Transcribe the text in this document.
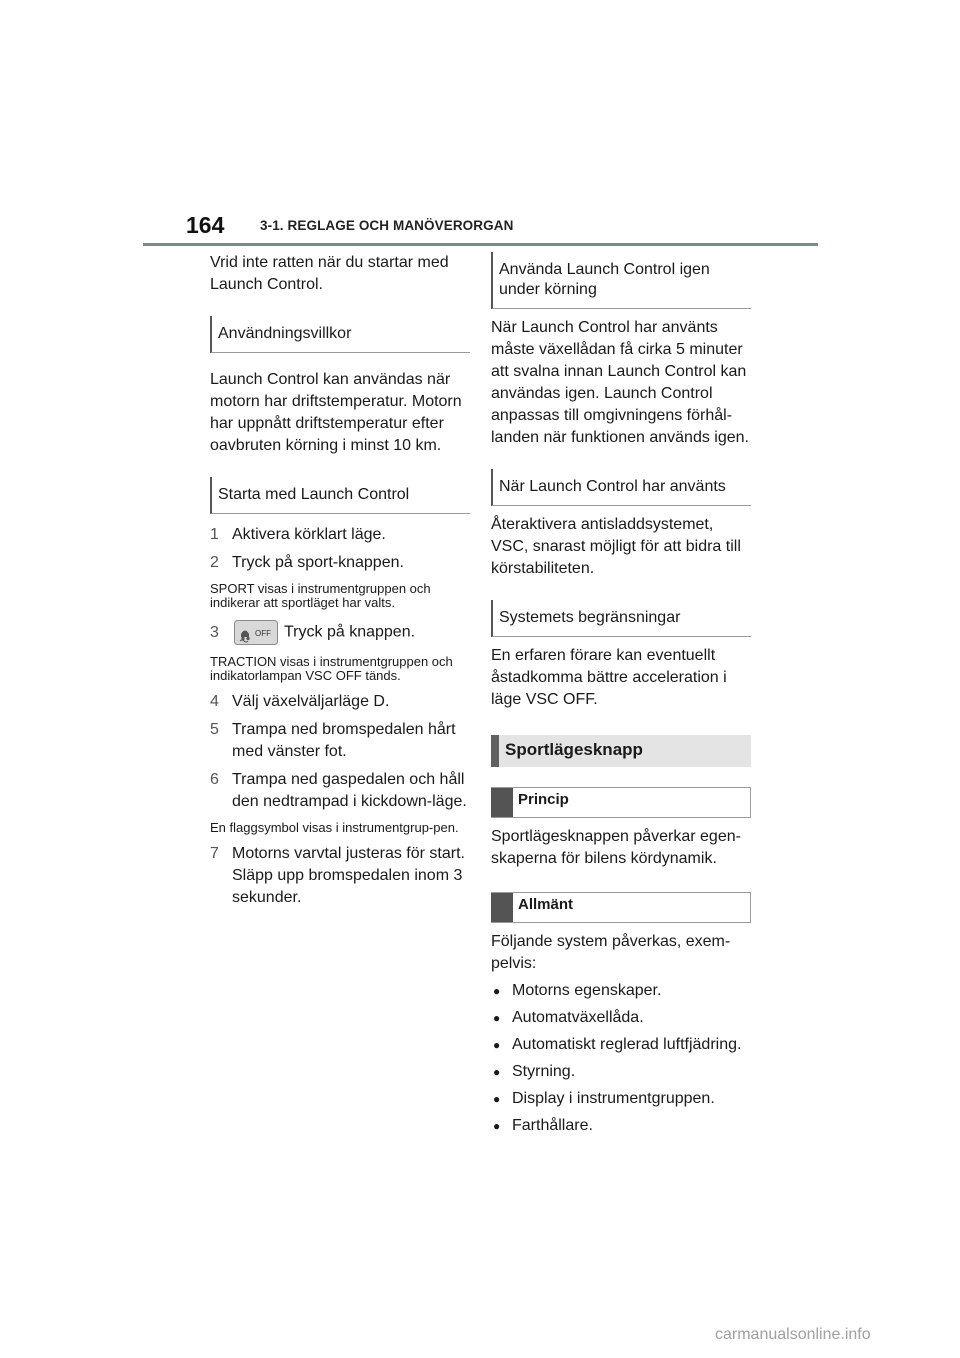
164	3-1. REGLAGE OCH MANÖVERORGAN

Vrid inte ratten när du startar med Launch Control.

Användningsvillkor

Launch Control kan användas när motorn har driftstemperatur. Motorn har uppnått driftstemperatur efter oavbruten körning i minst 10 km.

Starta med Launch Control
1 Aktivera körklart läge.
2 Tryck på sport-knappen.

SPORT visas i instrumentgruppen och indikerar att sportläget har valts.

3	OFF Tryck på knappen.

TRACTION visas i instrumentgruppen och indikatorlampan VSC OFF tänds.

4 Välj växelväljarläge D.
5 Trampa ned bromspedalen hårt med vänster fot.
6 Trampa ned gaspedalen och håll den nedtrampad i kickdown-läge.

En flaggsymbol visas i instrumentgrup-pen.

7 Motorns varvtal justeras för start. Släpp upp bromspedalen inom 3 sekunder.
Använda Launch Control igen under körning

När Launch Control har använts måste växellådan få cirka 5 minuter att svalna innan Launch Control kan användas igen. Launch Control anpassas till omgivningens förhål-landen när funktionen används igen.

När Launch Control har använts

Återaktivera antisladdsystemet, VSC, snarast möjligt för att bidra till körstabiliteten.

Systemets begränsningar

En erfaren förare kan eventuellt åstadkomma bättre acceleration i läge VSC OFF.

Sportlägesknapp
Princip

Sportlägesknappen påverkar egen-skaperna för bilens kördynamik.

Allmänt

Följande system påverkas, exem-pelvis:

● Motorns egenskaper.
● Automatväxellåda.
● Automatiskt reglerad luftfjädring.
● Styrning.
● Display i instrumentgruppen.
● Farthållare.
carmanualsonline.info
